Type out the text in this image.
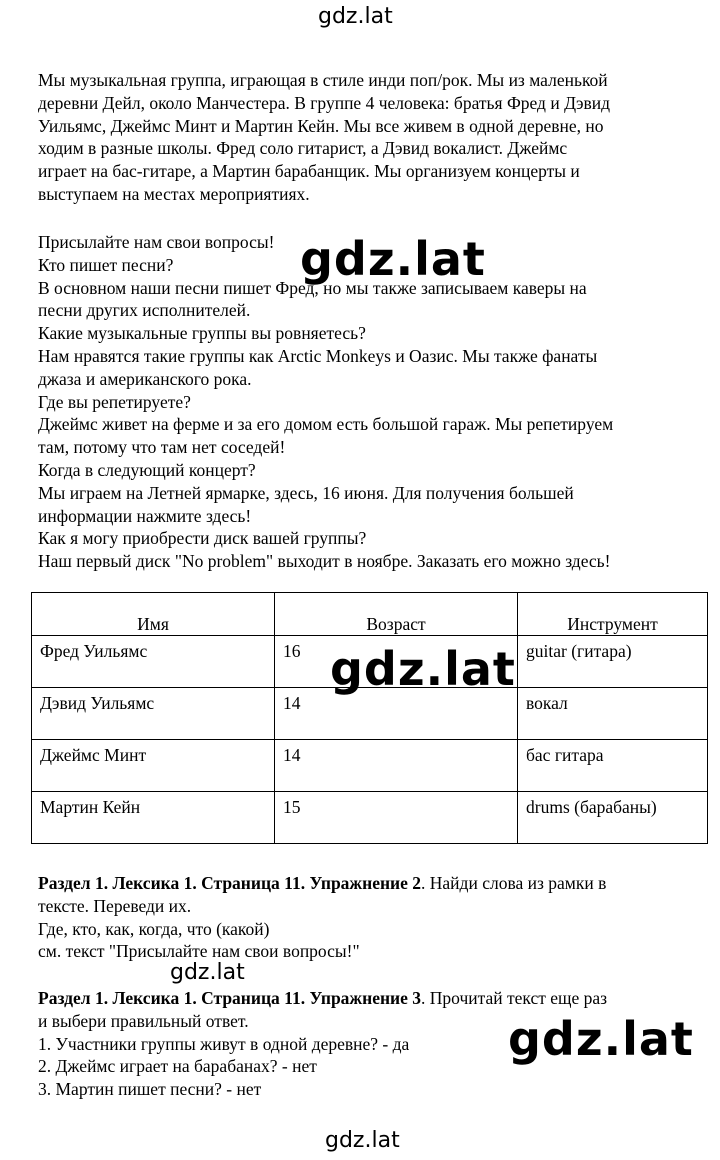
gdz.lat
gdz.lat
gdz.lat
gdz.lat
gdz.lat
gdz.lat
Мы музыкальная группа, играющая в стиле инди поп/рок. Мы из маленькой
деревни Дейл, около Манчестера. В группе 4 человека: братья Фред и Дэвид
Уильямс, Джеймс Минт и Мартин Кейн. Мы все живем в одной деревне, но
ходим в разные школы. Фред соло гитарист, а Дэвид вокалист. Джеймс
играет на бас-гитаре, а Мартин барабанщик. Мы организуем концерты и
выступаем на местах мероприятиях.
Присылайте нам свои вопросы!
Кто пишет песни?
В основном наши песни пишет Фред, но мы также записываем каверы на
песни других исполнителей.
Какие музыкальные группы вы ровняетесь?
Нам нравятся такие группы как Arctic Monkeys и Оазис. Мы также фанаты
джаза и американского рока.
Где вы репетируете?
Джеймс живет на ферме и за его домом есть большой гараж. Мы репетируем
там, потому что там нет соседей!
Когда в следующий концерт?
Мы играем на Летней ярмарке, здесь, 16 июня. Для получения большей
информации нажмите здесь!
Как я могу приобрести диск вашей группы?
Наш первый диск "No problem" выходит в ноябре. Заказать его можно здесь!
Имя	Возраст	Инструмент
Фред Уильямс	16	guitar (гитара)
Дэвид Уильямс	14	вокал
Джеймс Минт	14	бас гитара
Мартин Кейн	15	drums (барабаны)
Раздел 1. Лексика 1. Страница 11. Упражнение 2. Найди слова из рамки в
тексте. Переведи их.
Где, кто, как, когда, что (какой)
см. текст "Присылайте нам свои вопросы!"
Раздел 1. Лексика 1. Страница 11. Упражнение 3. Прочитай текст еще раз
и выбери правильный ответ.
1. Участники группы живут в одной деревне? - да
2. Джеймс играет на барабанах? - нет
3. Мартин пишет песни? - нет
